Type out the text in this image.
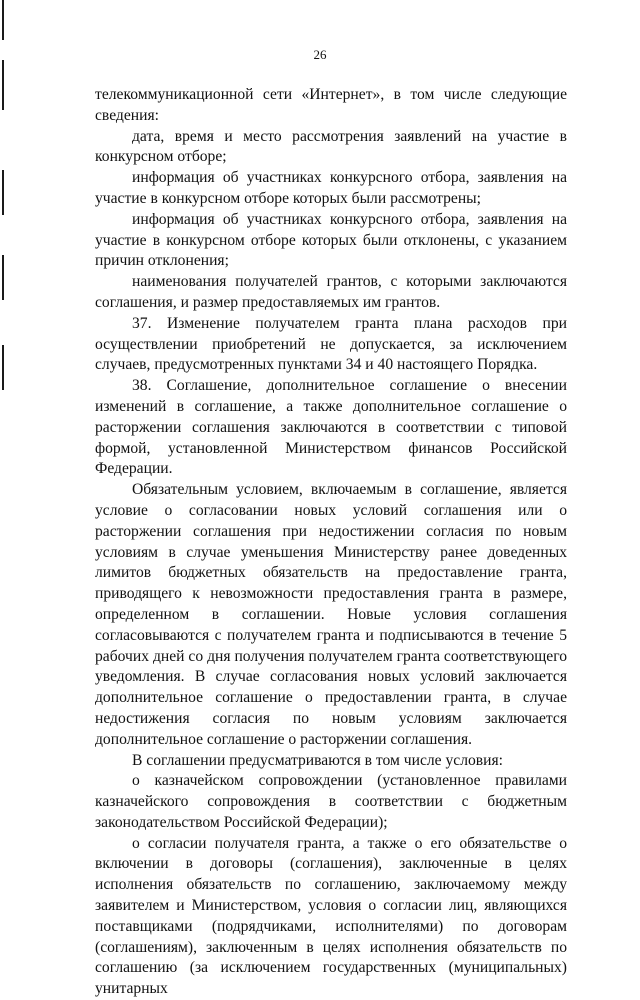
26

телекоммуникационной сети «Интернет», в том числе следующие сведения:

дата, время и место рассмотрения заявлений на участие в конкурсном отборе;

информация об участниках конкурсного отбора, заявления на участие в конкурсном отборе которых были рассмотрены;

информация об участниках конкурсного отбора, заявления на участие в конкурсном отборе которых были отклонены, с указанием причин отклонения;

наименования получателей грантов, с которыми заключаются соглашения, и размер предоставляемых им грантов.

37. Изменение получателем гранта плана расходов при осуществлении приобретений не допускается, за исключением случаев, предусмотренных пунктами 34 и 40 настоящего Порядка.

38. Соглашение, дополнительное соглашение о внесении изменений в соглашение, а также дополнительное соглашение о расторжении соглашения заключаются в соответствии с типовой формой, установленной Министерством финансов Российской Федерации.

Обязательным условием, включаемым в соглашение, является условие о согласовании новых условий соглашения или о расторжении соглашения при недостижении согласия по новым условиям в случае уменьшения Министерству ранее доведенных лимитов бюджетных обязательств на предоставление гранта, приводящего к невозможности предоставления гранта в размере, определенном в соглашении. Новые условия соглашения согласовываются с получателем гранта и подписываются в течение 5 рабочих дней со дня получения получателем гранта соответствующего уведомления. В случае согласования новых условий заключается дополнительное соглашение о предоставлении гранта, в случае недостижения согласия по новым условиям заключается дополнительное соглашение о расторжении соглашения.

В соглашении предусматриваются в том числе условия:

о казначейском сопровождении (установленное правилами казначейского сопровождения в соответствии с бюджетным законодательством Российской Федерации);

о согласии получателя гранта, а также о его обязательстве о включении в договоры (соглашения), заключенные в целях исполнения обязательств по соглашению, заключаемому между заявителем и Министерством, условия о согласии лиц, являющихся поставщиками (подрядчиками, исполнителями) по договорам (соглашениям), заключенным в целях исполнения обязательств по соглашению (за исключением государственных (муниципальных) унитарных
